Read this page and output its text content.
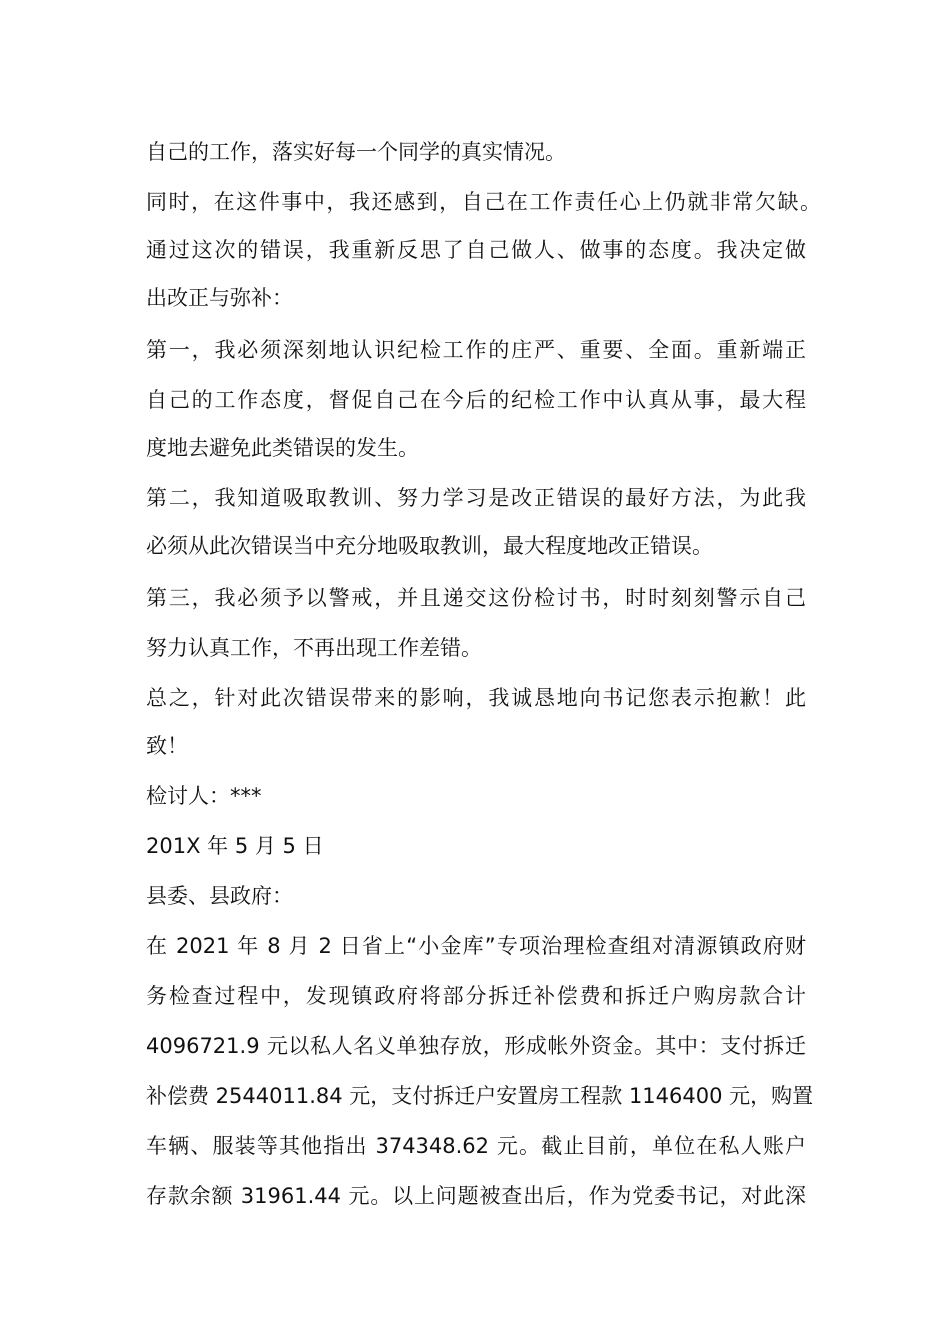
自己的工作，落实好每一个同学的真实情况。
同时，在这件事中，我还感到，自己在工作责任心上仍就非常欠缺。
通过这次的错误，我重新反思了自己做人、做事的态度。我决定做
出改正与弥补：
第一，我必须深刻地认识纪检工作的庄严、重要、全面。重新端正
自己的工作态度，督促自己在今后的纪检工作中认真从事，最大程
度地去避免此类错误的发生。
第二，我知道吸取教训、努力学习是改正错误的最好方法，为此我
必须从此次错误当中充分地吸取教训，最大程度地改正错误。
第三，我必须予以警戒，并且递交这份检讨书，时时刻刻警示自己
努力认真工作，不再出现工作差错。
总之，针对此次错误带来的影响，我诚恳地向书记您表示抱歉！此
致！
检讨人：***
201X 年 5 月 5 日
县委、县政府：
在 2021 年 8 月 2 日省上“小金库”专项治理检查组对清源镇政府财
务检查过程中，发现镇政府将部分拆迁补偿费和拆迁户购房款合计
4096721.9 元以私人名义单独存放，形成帐外资金。其中：支付拆迁
补偿费 2544011.84 元，支付拆迁户安置房工程款 1146400 元，购置
车辆、服装等其他指出 374348.62 元。截止目前，单位在私人账户
存款余额 31961.44 元。以上问题被查出后，作为党委书记，对此深
